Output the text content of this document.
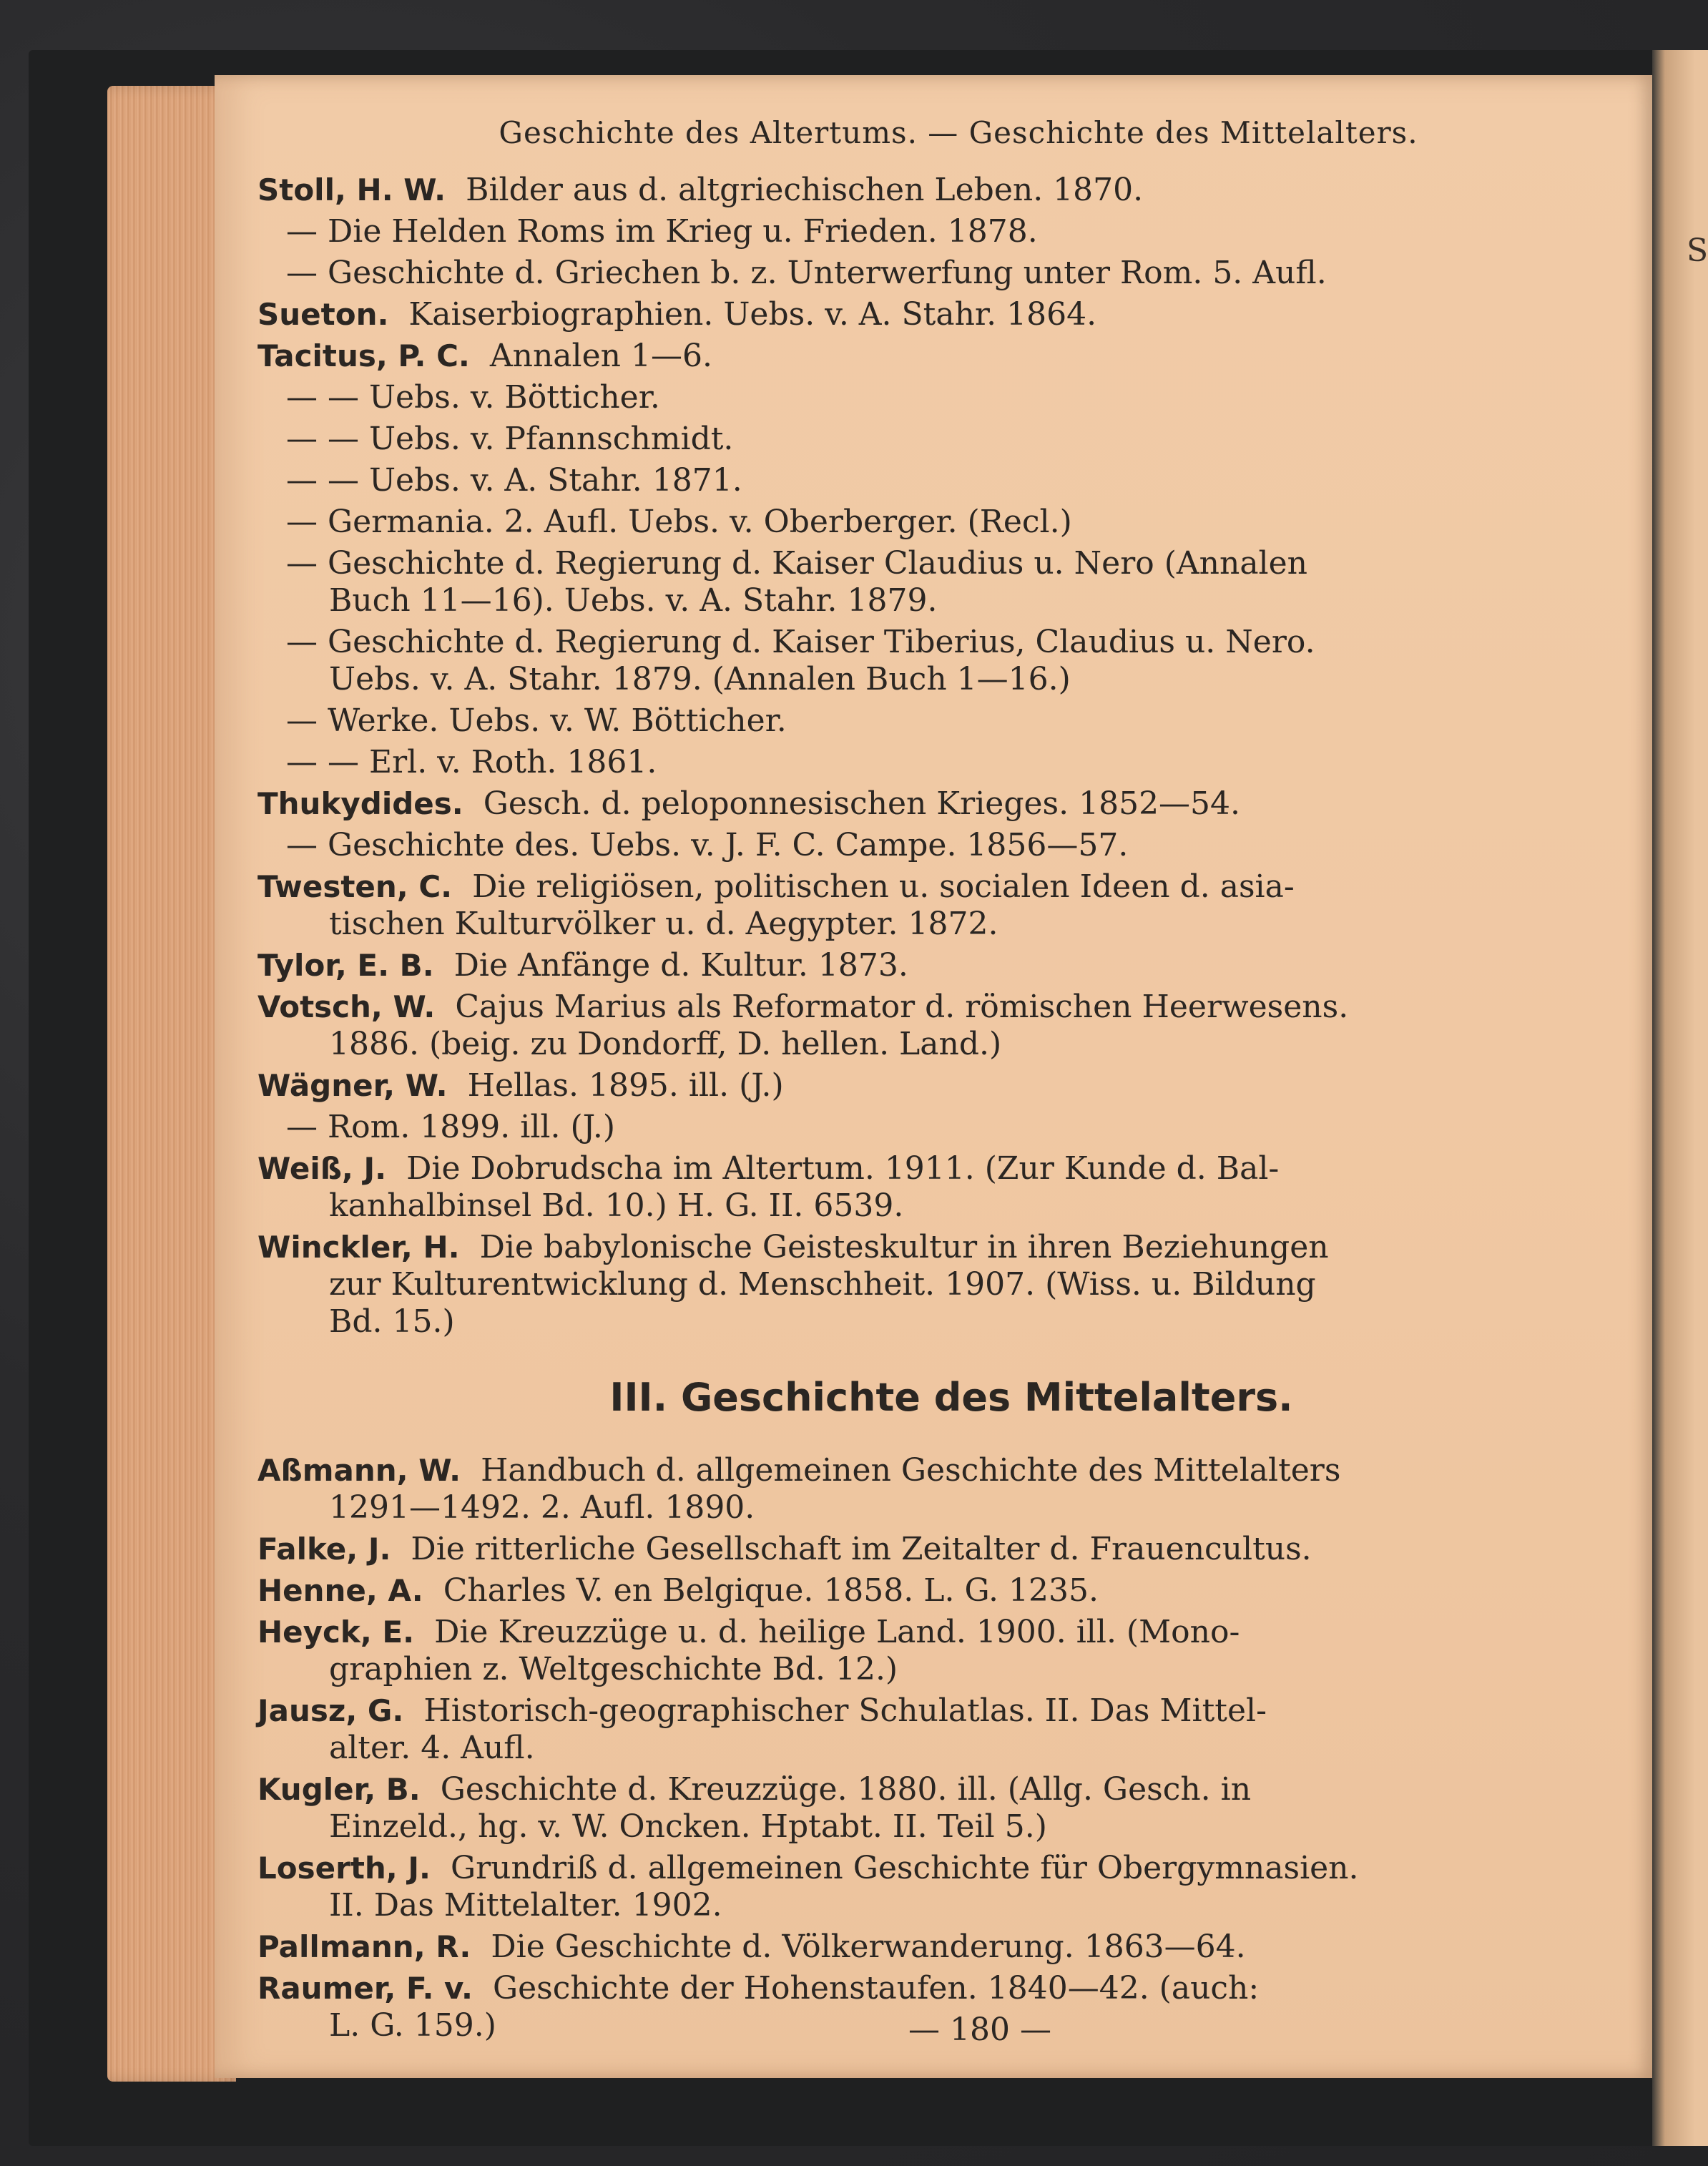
S
Geschichte des Altertums. — Geschichte des Mittelalters.
Stoll, H. W. Bilder aus d. altgriechischen Leben. 1870.
— Die Helden Roms im Krieg u. Frieden. 1878.
— Geschichte d. Griechen b. z. Unterwerfung unter Rom. 5. Aufl.
Sueton. Kaiserbiographien. Uebs. v. A. Stahr. 1864.
Tacitus, P. C. Annalen 1—6.
— — Uebs. v. Bötticher.
— — Uebs. v. Pfannschmidt.
— — Uebs. v. A. Stahr. 1871.
— Germania. 2. Aufl. Uebs. v. Oberberger. (Recl.)
— Geschichte d. Regierung d. Kaiser Claudius u. Nero (Annalen
Buch 11—16). Uebs. v. A. Stahr. 1879.
— Geschichte d. Regierung d. Kaiser Tiberius, Claudius u. Nero.
Uebs. v. A. Stahr. 1879. (Annalen Buch 1—16.)
— Werke. Uebs. v. W. Bötticher.
— — Erl. v. Roth. 1861.
Thukydides. Gesch. d. peloponnesischen Krieges. 1852—54.
— Geschichte des. Uebs. v. J. F. C. Campe. 1856—57.
Twesten, C. Die religiösen, politischen u. socialen Ideen d. asia-
tischen Kulturvölker u. d. Aegypter. 1872.
Tylor, E. B. Die Anfänge d. Kultur. 1873.
Votsch, W. Cajus Marius als Reformator d. römischen Heerwesens.
1886. (beig. zu Dondorff, D. hellen. Land.)
Wägner, W. Hellas. 1895. ill. (J.)
— Rom. 1899. ill. (J.)
Weiß, J. Die Dobrudscha im Altertum. 1911. (Zur Kunde d. Bal-
kanhalbinsel Bd. 10.) H. G. II. 6539.
Winckler, H. Die babylonische Geisteskultur in ihren Beziehungen
zur Kulturentwicklung d. Menschheit. 1907. (Wiss. u. Bildung
Bd. 15.)
III. Geschichte des Mittelalters.
Aßmann, W. Handbuch d. allgemeinen Geschichte des Mittelalters
1291—1492. 2. Aufl. 1890.
Falke, J. Die ritterliche Gesellschaft im Zeitalter d. Frauencultus.
Henne, A. Charles V. en Belgique. 1858. L. G. 1235.
Heyck, E. Die Kreuzzüge u. d. heilige Land. 1900. ill. (Mono-
graphien z. Weltgeschichte Bd. 12.)
Jausz, G. Historisch-geographischer Schulatlas. II. Das Mittel-
alter. 4. Aufl.
Kugler, B. Geschichte d. Kreuzzüge. 1880. ill. (Allg. Gesch. in
Einzeld., hg. v. W. Oncken. Hptabt. II. Teil 5.)
Loserth, J. Grundriß d. allgemeinen Geschichte für Obergymnasien.
II. Das Mittelalter. 1902.
Pallmann, R. Die Geschichte d. Völkerwanderung. 1863—64.
Raumer, F. v. Geschichte der Hohenstaufen. 1840—42. (auch:
L. G. 159.)	— 180 —
